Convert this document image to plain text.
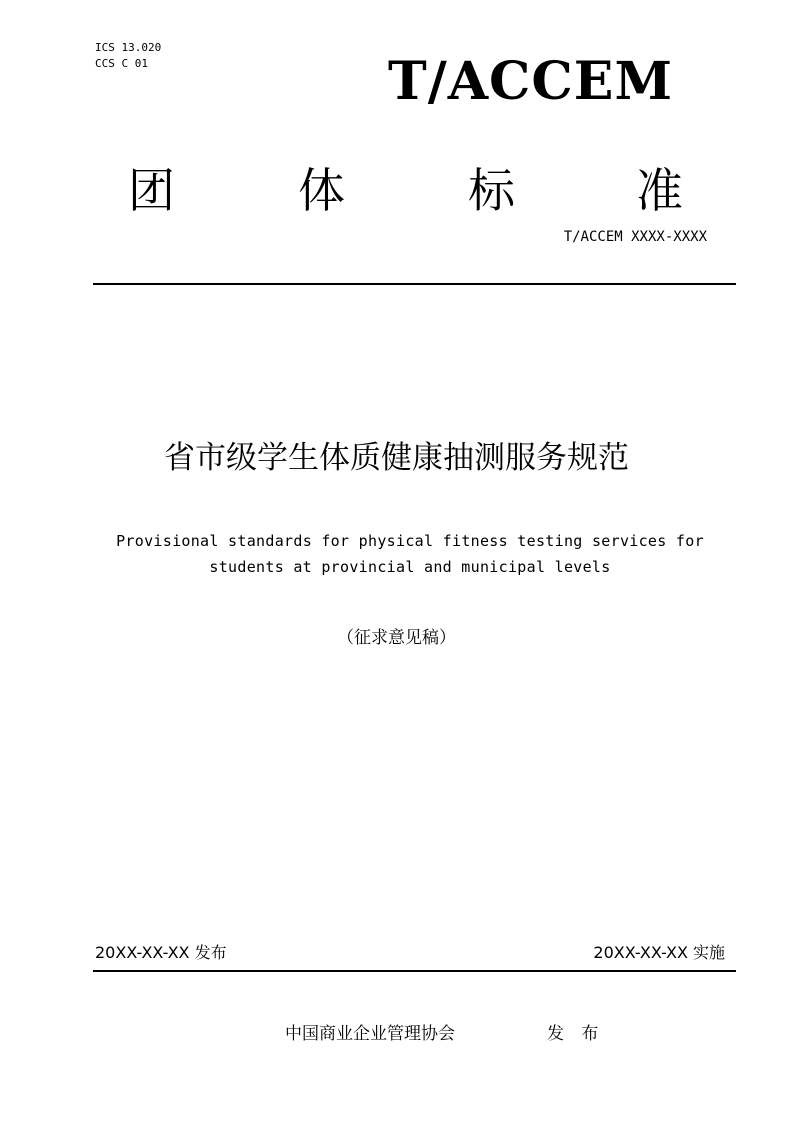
ICS 13.020
CCS C 01	T/ACCEM
团	体	标	准
T/ACCEM XXXX-XXXX
省市级学生体质健康抽测服务规范
Provisional standards for physical fitness testing services for
students at provincial and municipal levels
（征求意见稿）
20XX-XX-XX 发布	20XX-XX-XX 实施
中国商业企业管理协会	发 布
